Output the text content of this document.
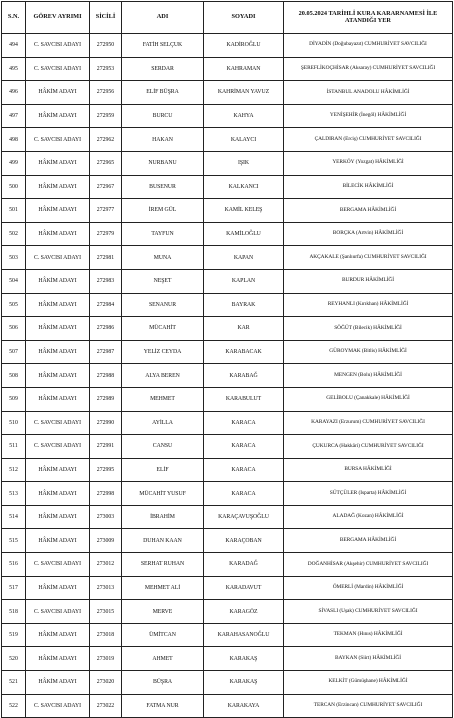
S.N.	GÖREV AYRIMI	SİCİLİ	ADI	SOYADI	20.05.2024 TARİHLİ KURA KARARNAMESİ İLE ATANDIĞI YER
494	C. SAVCISI ADAYI	272950	FATİH SELÇUK	KADİROĞLU	DİYADİN (Doğubayazıt) CUMHURİYET SAVCILIĞI
495	C. SAVCISI ADAYI	272953	SERDAR	KAHRAMAN	ŞEREFLİKOÇHİSAR (Aksaray) CUMHURİYET SAVCILIĞI
496	HÂKİM ADAYI	272956	ELİF BÜŞRA	KAHRİMAN YAVUZ	İSTANBUL ANADOLU HÂKİMLİĞİ
497	HÂKİM ADAYI	272959	BURCU	KAHYA	YENİŞEHİR (İnegöl) HÂKİMLİĞİ
498	C. SAVCISI ADAYI	272962	HAKAN	KALAYCI	ÇALDIRAN (Erciş) CUMHURİYET SAVCILIĞI
499	HÂKİM ADAYI	272965	NURBANU	IŞIK	YERKÖY (Yozgat) HÂKİMLİĞİ
500	HÂKİM ADAYI	272967	BUSENUR	KALKANCI	BİLECİK HÂKİMLİĞİ
501	HÂKİM ADAYI	272977	İREM GÜL	KAMİL KELEŞ	BERGAMA HÂKİMLİĞİ
502	HÂKİM ADAYI	272979	TAYFUN	KAMİLOĞLU	BORÇKA (Artvin) HÂKİMLİĞİ
503	C. SAVCISI ADAYI	272981	MUNA	KAPAN	AKÇAKALE (Şanlıurfa) CUMHURİYET SAVCILIĞI
504	HÂKİM ADAYI	272983	NEŞET	KAPLAN	BURDUR HÂKİMLİĞİ
505	HÂKİM ADAYI	272984	SENANUR	BAYRAK	REYHANLI (Kırıkhan) HÂKİMLİĞİ
506	HÂKİM ADAYI	272986	MÜCAHİT	KAR	SÖĞÜT (Bilecik) HÂKİMLİĞİ
507	HÂKİM ADAYI	272987	YELİZ CEYDA	KARABACAK	GÜROYMAK (Bitlis) HÂKİMLİĞİ
508	HÂKİM ADAYI	272988	ALYA BEREN	KARABAĞ	MENGEN (Bolu) HÂKİMLİĞİ
509	HÂKİM ADAYI	272989	MEHMET	KARABULUT	GELİBOLU (Çanakkale) HÂKİMLİĞİ
510	C. SAVCISI ADAYI	272990	AYİLLA	KARACA	KARAYAZI (Erzurum) CUMHURİYET SAVCILIĞI
511	C. SAVCISI ADAYI	272991	CANSU	KARACA	ÇUKURCA (Hakkâri) CUMHURİYET SAVCILIĞI
512	HÂKİM ADAYI	272995	ELİF	KARACA	BURSA HÂKİMLİĞİ
513	HÂKİM ADAYI	272998	MÜCAHİT YUSUF	KARACA	SÜTÇÜLER (Isparta) HÂKİMLİĞİ
514	HÂKİM ADAYI	273003	İBRAHİM	KARAÇAVUŞOĞLU	ALADAĞ (Kozan) HÂKİMLİĞİ
515	HÂKİM ADAYI	273009	DUHAN KAAN	KARAÇOBAN	BERGAMA HÂKİMLİĞİ
516	C. SAVCISI ADAYI	273012	SERHAT RUHAN	KARADAĞ	DOĞANHİSAR (Akşehir) CUMHURİYET SAVCILIĞI
517	HÂKİM ADAYI	273013	MEHMET ALİ	KARADAVUT	ÖMERLİ (Mardin) HÂKİMLİĞİ
518	C. SAVCISI ADAYI	273015	MERVE	KARAGÖZ	SİVASLI (Uşak) CUMHURİYET SAVCILIĞI
519	HÂKİM ADAYI	273018	ÜMİTCAN	KARAHASANOĞLU	TEKMAN (Hınıs) HÂKİMLİĞİ
520	HÂKİM ADAYI	273019	AHMET	KARAKAŞ	BAYKAN (Siirt) HÂKİMLİĞİ
521	HÂKİM ADAYI	273020	BÜŞRA	KARAKAŞ	KELKİT (Gümüşhane) HÂKİMLİĞİ
522	C. SAVCISI ADAYI	273022	FATMA NUR	KARAKAYA	TERCAN (Erzincan) CUMHURİYET SAVCILIĞI
